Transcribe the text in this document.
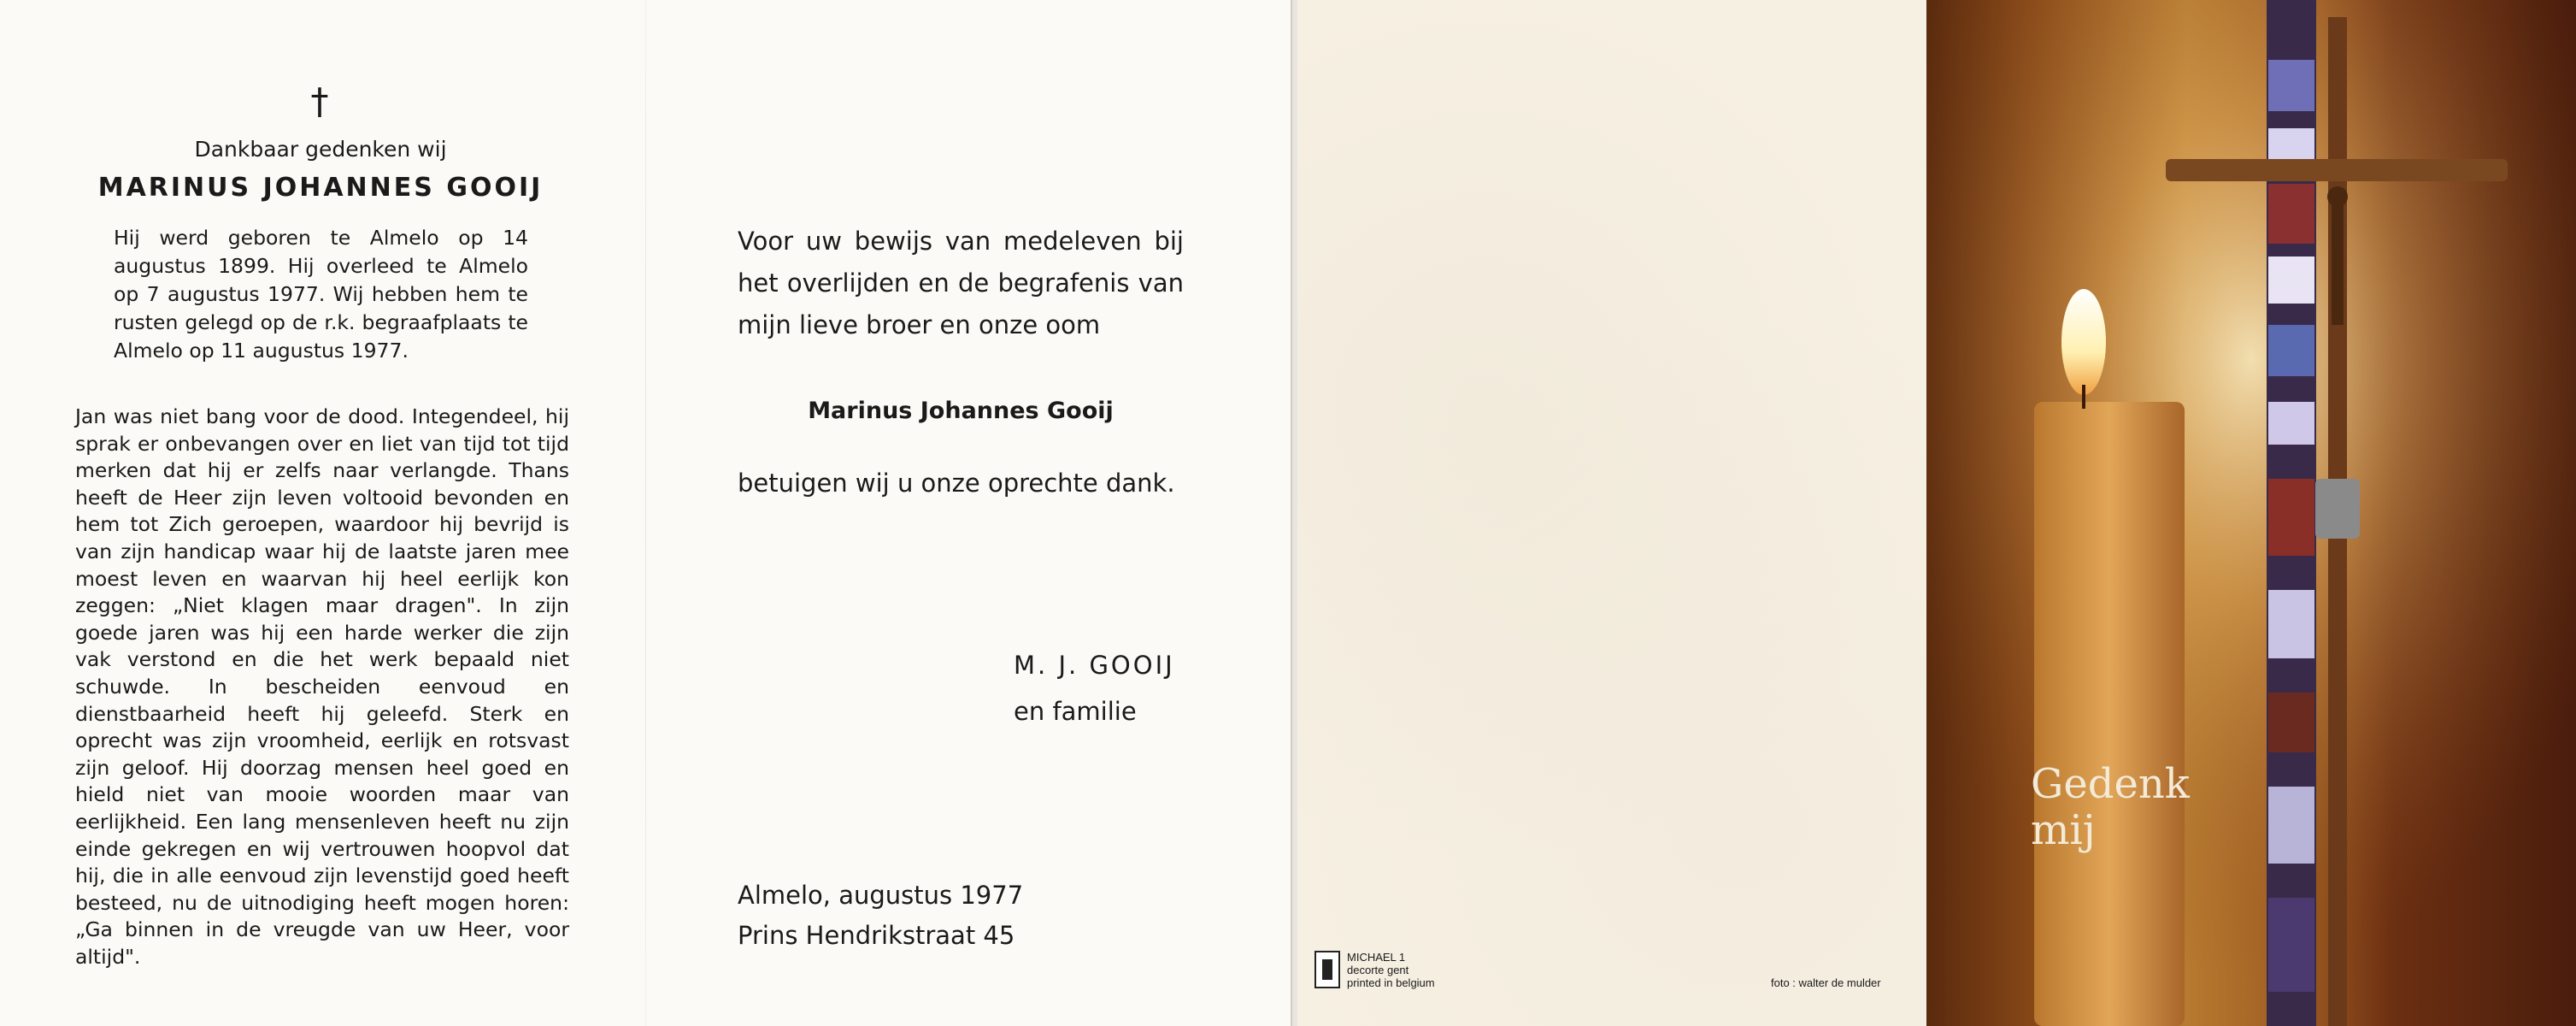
†
Dankbaar gedenken wij
MARINUS JOHANNES GOOIJ
Hij werd geboren te Almelo op 14 augustus 1899. Hij overleed te Almelo op 7 augustus 1977. Wij hebben hem te rusten gelegd op de r.k. begraafplaats te Almelo op 11 augustus 1977.
Jan was niet bang voor de dood. Integendeel, hij sprak er onbevangen over en liet van tijd tot tijd merken dat hij er zelfs naar verlangde. Thans heeft de Heer zijn leven voltooid bevonden en hem tot Zich geroepen, waardoor hij bevrijd is van zijn handicap waar hij de laatste jaren mee moest leven en waarvan hij heel eerlijk kon zeggen: „Niet klagen maar dragen". In zijn goede jaren was hij een harde werker die zijn vak verstond en die het werk bepaald niet schuwde. In bescheiden eenvoud en dienstbaarheid heeft hij geleefd. Sterk en oprecht was zijn vroomheid, eerlijk en rotsvast zijn geloof. Hij doorzag mensen heel goed en hield niet van mooie woorden maar van eerlijkheid. Een lang mensenleven heeft nu zijn einde gekregen en wij vertrouwen hoopvol dat hij, die in alle eenvoud zijn levenstijd goed heeft besteed, nu de uitnodiging heeft mogen horen: „Ga binnen in de vreugde van uw Heer, voor altijd".
Voor uw bewijs van medeleven bij het overlijden en de begrafenis van mijn lieve broer en onze oom
Marinus Johannes Gooij
betuigen wij u onze oprechte dank.
M. J. GOOIJ
en familie
Almelo, augustus 1977
Prins Hendrikstraat 45
MICHAEL 1
decorte gent
printed in belgium	foto : walter de mulder
Gedenk
mij
